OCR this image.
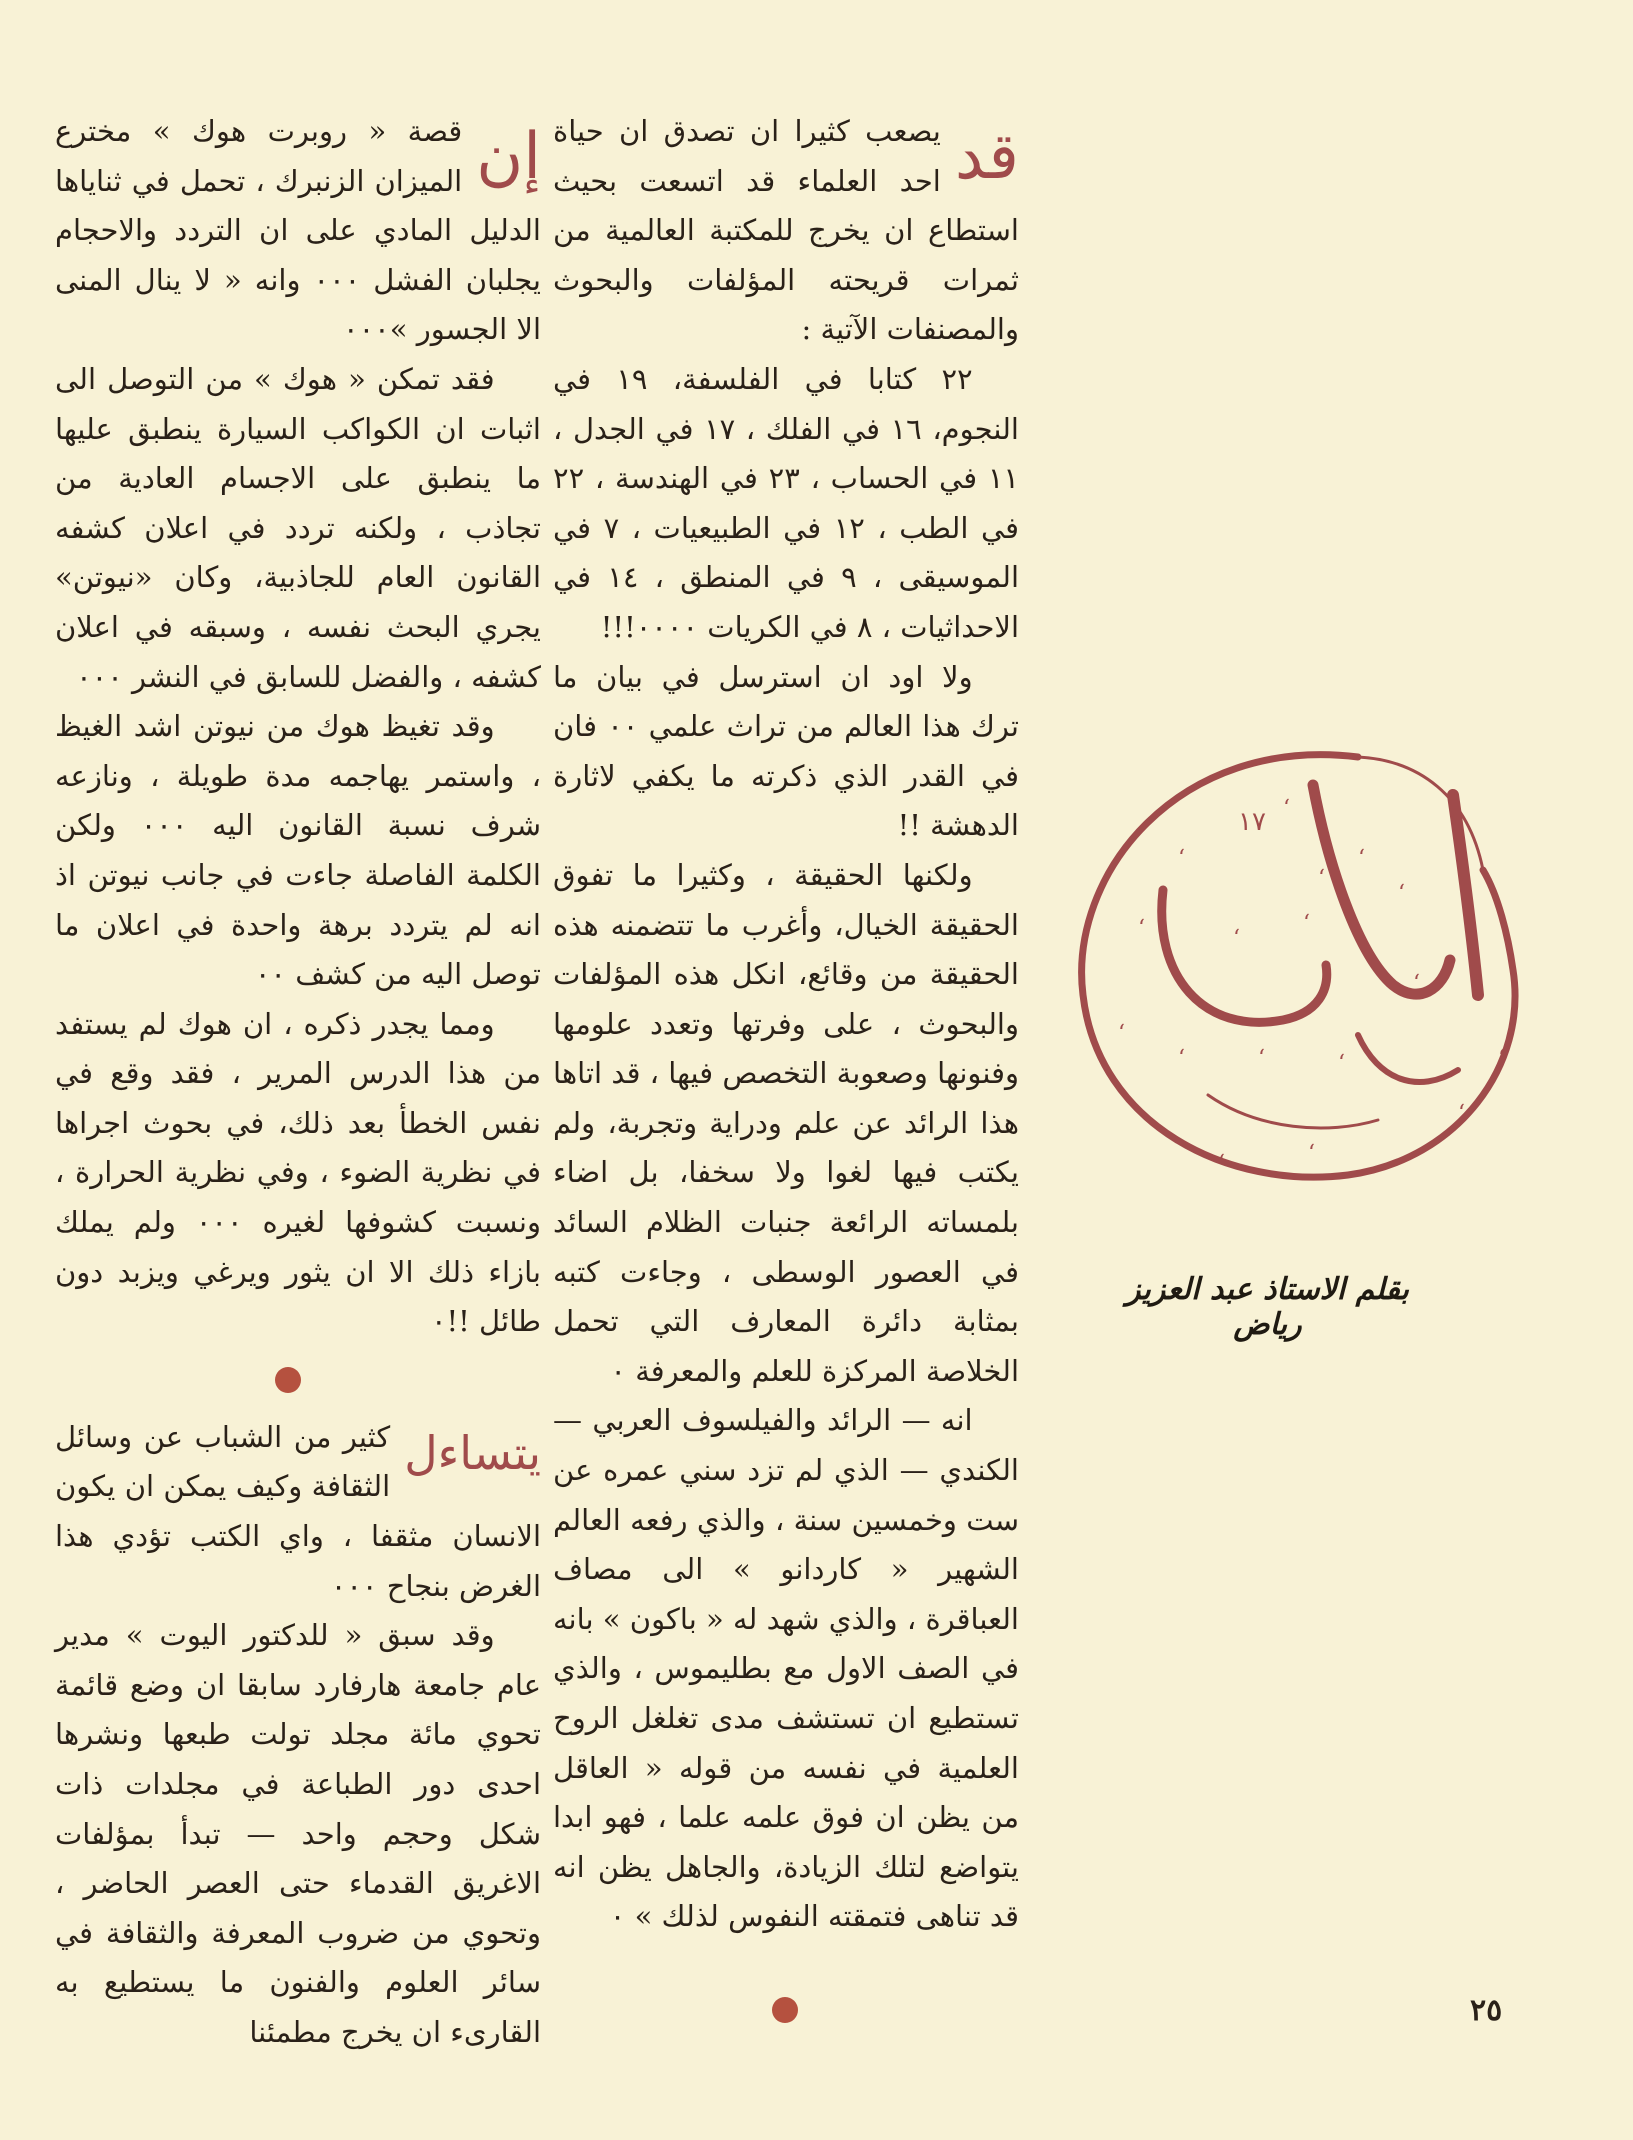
قد

يصعب كثيرا ان تصدق ان حياة احد العلماء قد اتسعت بحيث استطاع ان يخرج للمكتبة العالمية من ثمرات قريحته المؤلفات والبحوث والمصنفات الآتية :

٢٢ كتابا في الفلسفة، ١٩ في النجوم، ١٦ في الفلك ، ١٧ في الجدل ، ١١ في الحساب ، ٢٣ في الهندسة ، ٢٢ في الطب ، ١٢ في الطبيعيات ، ٧ في الموسيقى ، ٩ في المنطق ، ١٤ في الاحداثيات ، ٨ في الكريات ٠٠٠٠!!!

ولا اود ان استرسل في بيان ما ترك هذا العالم من تراث علمي ٠٠ فان في القدر الذي ذكرته ما يكفي لاثارة الدهشة !!

ولكنها الحقيقة ، وكثيرا ما تفوق الحقيقة الخيال، وأغرب ما تتضمنه هذه الحقيقة من وقائع، انكل هذه المؤلفات والبحوث ، على وفرتها وتعدد علومها وفنونها وصعوبة التخصص فيها ، قد اتاها هذا الرائد عن علم ودراية وتجربة، ولم يكتب فيها لغوا ولا سخفا، بل اضاء بلمساته الرائعة جنبات الظلام السائد في العصور الوسطى ، وجاءت كتبه بمثابة دائرة المعارف التي تحمل الخلاصة المركزة للعلم والمعرفة ٠

انه — الرائد والفيلسوف العربي — الكندي — الذي لم تزد سني عمره عن ست وخمسين سنة ، والذي رفعه العالم الشهير « كاردانو » الى مصاف العباقرة ، والذي شهد له « باكون » بانه في الصف الاول مع بطليموس ، والذي تستطيع ان تستشف مدى تغلغل الروح العلمية في نفسه من قوله « العاقل من يظن ان فوق علمه علما ، فهو ابدا يتواضع لتلك الزيادة، والجاهل يظن انه قد تناهى فتمقته النفوس لذلك » ٠

إن

قصة « روبرت هوك » مخترع الميزان الزنبرك ، تحمل في ثناياها الدليل المادي على ان التردد والاحجام يجلبان الفشل ٠٠٠ وانه « لا ينال المنى الا الجسور »٠٠٠

فقد تمكن « هوك » من التوصل الى اثبات ان الكواكب السيارة ينطبق عليها ما ينطبق على الاجسام العادية من تجاذب ، ولكنه تردد في اعلان كشفه القانون العام للجاذبية، وكان «نيوتن» يجري البحث نفسه ، وسبقه في اعلان كشفه ، والفضل للسابق في النشر ٠٠٠

وقد تغيظ هوك من نيوتن اشد الغيظ ، واستمر يهاجمه مدة طويلة ، ونازعه شرف نسبة القانون اليه ٠٠٠ ولكن الكلمة الفاصلة جاءت في جانب نيوتن اذ انه لم يتردد برهة واحدة في اعلان ما توصل اليه من كشف ٠٠

ومما يجدر ذكره ، ان هوك لم يستفد من هذا الدرس المرير ، فقد وقع في نفس الخطأ بعد ذلك، في بحوث اجراها في نظرية الضوء ، وفي نظرية الحرارة ، ونسبت كشوفها لغيره ٠٠٠ ولم يملك بازاء ذلك الا ان يثور ويرغي ويزبد دون طائل !!٠

يتساءل

كثير من الشباب عن وسائل الثقافة وكيف يمكن ان يكون الانسان مثقفا ، واي الكتب تؤدي هذا الغرض بنجاح ٠٠٠

وقد سبق « للدكتور اليوت » مدير عام جامعة هارفارد سابقا ان وضع قائمة تحوي مائة مجلد تولت طبعها ونشرها احدى دور الطباعة في مجلدات ذات شكل وحجم واحد — تبدأ بمؤلفات الاغريق القدماء حتى العصر الحاضر ، وتحوي من ضروب المعرفة والثقافة في سائر العلوم والفنون ما يستطيع به القارىء ان يخرج مطمئنا

١٧
ʻ
ʻ
ʻ
ʻ
ʻ
ʻ	ʻ
ʻ
ʻ
ʻ	ʻ	ʻ	ʻ
ʻ
ʻ	ʻ
ʻ
بقلم الاستاذ عبد العزيز رياض
٢٥
